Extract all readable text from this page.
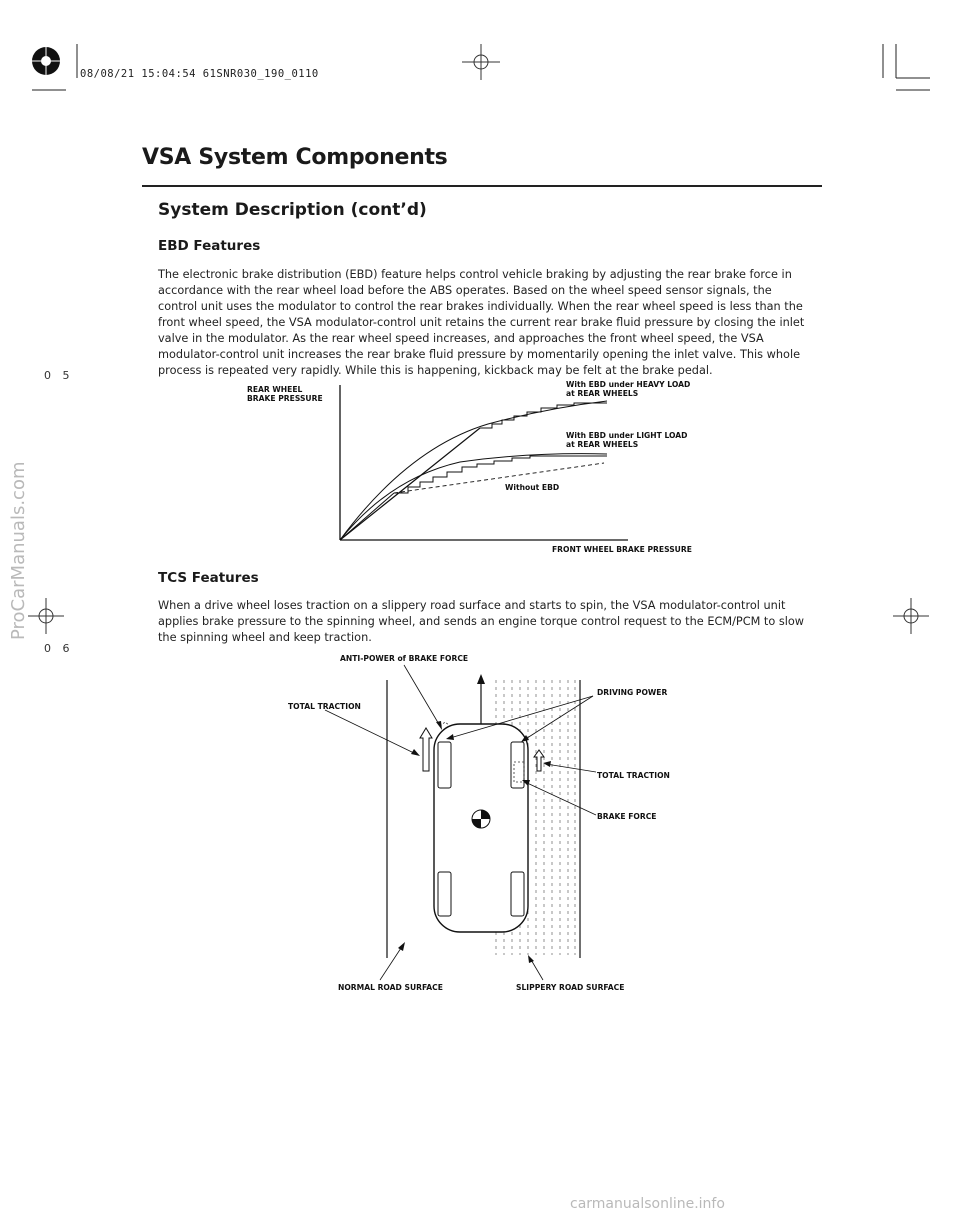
08/08/21 15:04:54 61SNR030_190_0110
VSA System Components
System Description (cont’d)
EBD Features
The electronic brake distribution (EBD) feature helps control vehicle braking by adjusting the rear brake force in accordance with the rear wheel load before the ABS operates. Based on the wheel speed sensor signals, the control unit uses the modulator to control the rear brakes individually. When the rear wheel speed is less than the front wheel speed, the VSA modulator-control unit retains the current rear brake fluid pressure by closing the inlet valve in the modulator. As the rear wheel speed increases, and approaches the front wheel speed, the VSA modulator-control unit increases the rear brake fluid pressure by momentarily opening the inlet valve. This whole process is repeated very rapidly. While this is happening, kickback may be felt at the brake pedal.
REAR WHEEL
BRAKE PRESSURE
With EBD under HEAVY LOAD
at REAR WHEELS
With EBD under LIGHT LOAD
at REAR WHEELS
Without EBD
FRONT WHEEL BRAKE PRESSURE
TCS Features
When a drive wheel loses traction on a slippery road surface and starts to spin, the VSA modulator-control unit applies brake pressure to the spinning wheel, and sends an engine torque control request to the ECM/PCM to slow the spinning wheel and keep traction.
ANTI-POWER of BRAKE FORCE
DRIVING POWER
TOTAL TRACTION
TOTAL TRACTION
BRAKE FORCE
NORMAL ROAD SURFACE	SLIPPERY ROAD SURFACE
0 5
0 6
ProCarManuals.com
carmanualsonline.info
